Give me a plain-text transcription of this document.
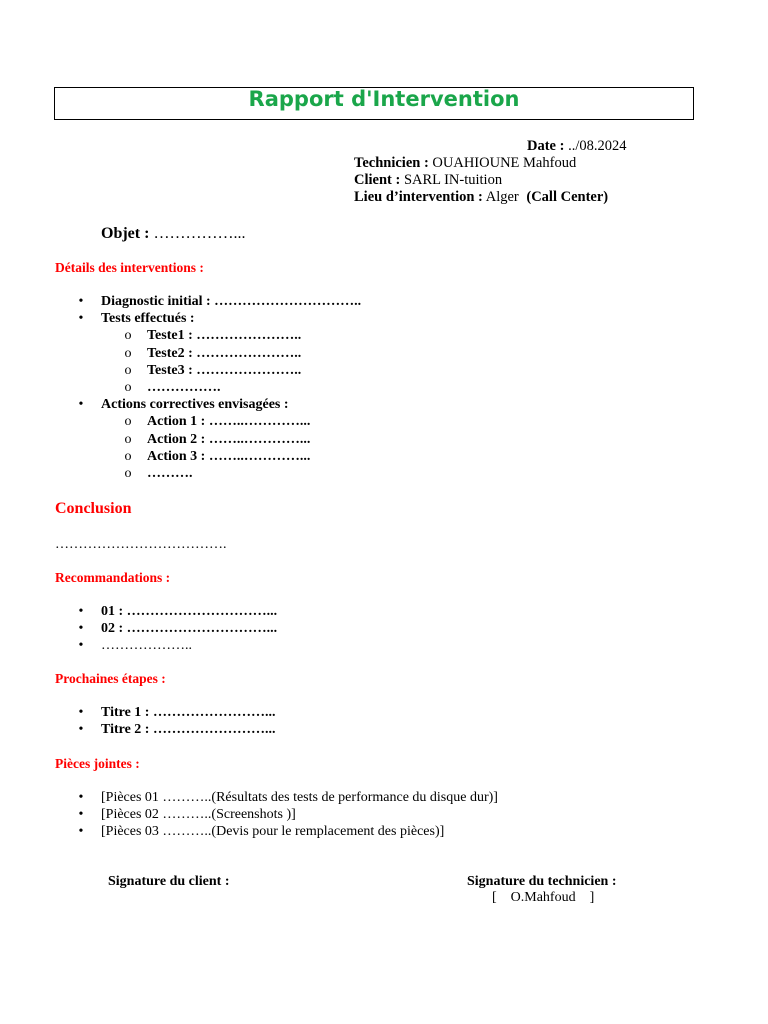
Rapport d'Intervention
Date : ../08.2024
Technicien : OUAHIOUNE Mahfoud
Client : SARL IN-tuition
Lieu d’intervention : Alger (Call Center)
Objet : ……………...
Détails des interventions :
•	Diagnostic initial : …………………………..
•	Tests effectués :
o Teste1 : …………………..
o Teste2 : …………………..
o Teste3 : …………………..
o …………….
•	Actions correctives envisagées :
o Action 1 : ……..…………...
o Action 2 : ……..…………...
o Action 3 : ……..…………...
o ……….
Conclusion
……………………………….
Recommandations :
•	01 : …………………………...
•	02 : …………………………...
•	………………..
Prochaines étapes :
•	Titre 1 : ……………………...
•	Titre 2 : ……………………...
Pièces jointes :
•	[Pièces 01 ………..(Résultats des tests de performance du disque dur)]
•	[Pièces 02 ………..(Screenshots )]
•	[Pièces 03 ………..(Devis pour le remplacement des pièces)]
Signature du client :	Signature du technicien :
[    O.Mahfoud    ]
